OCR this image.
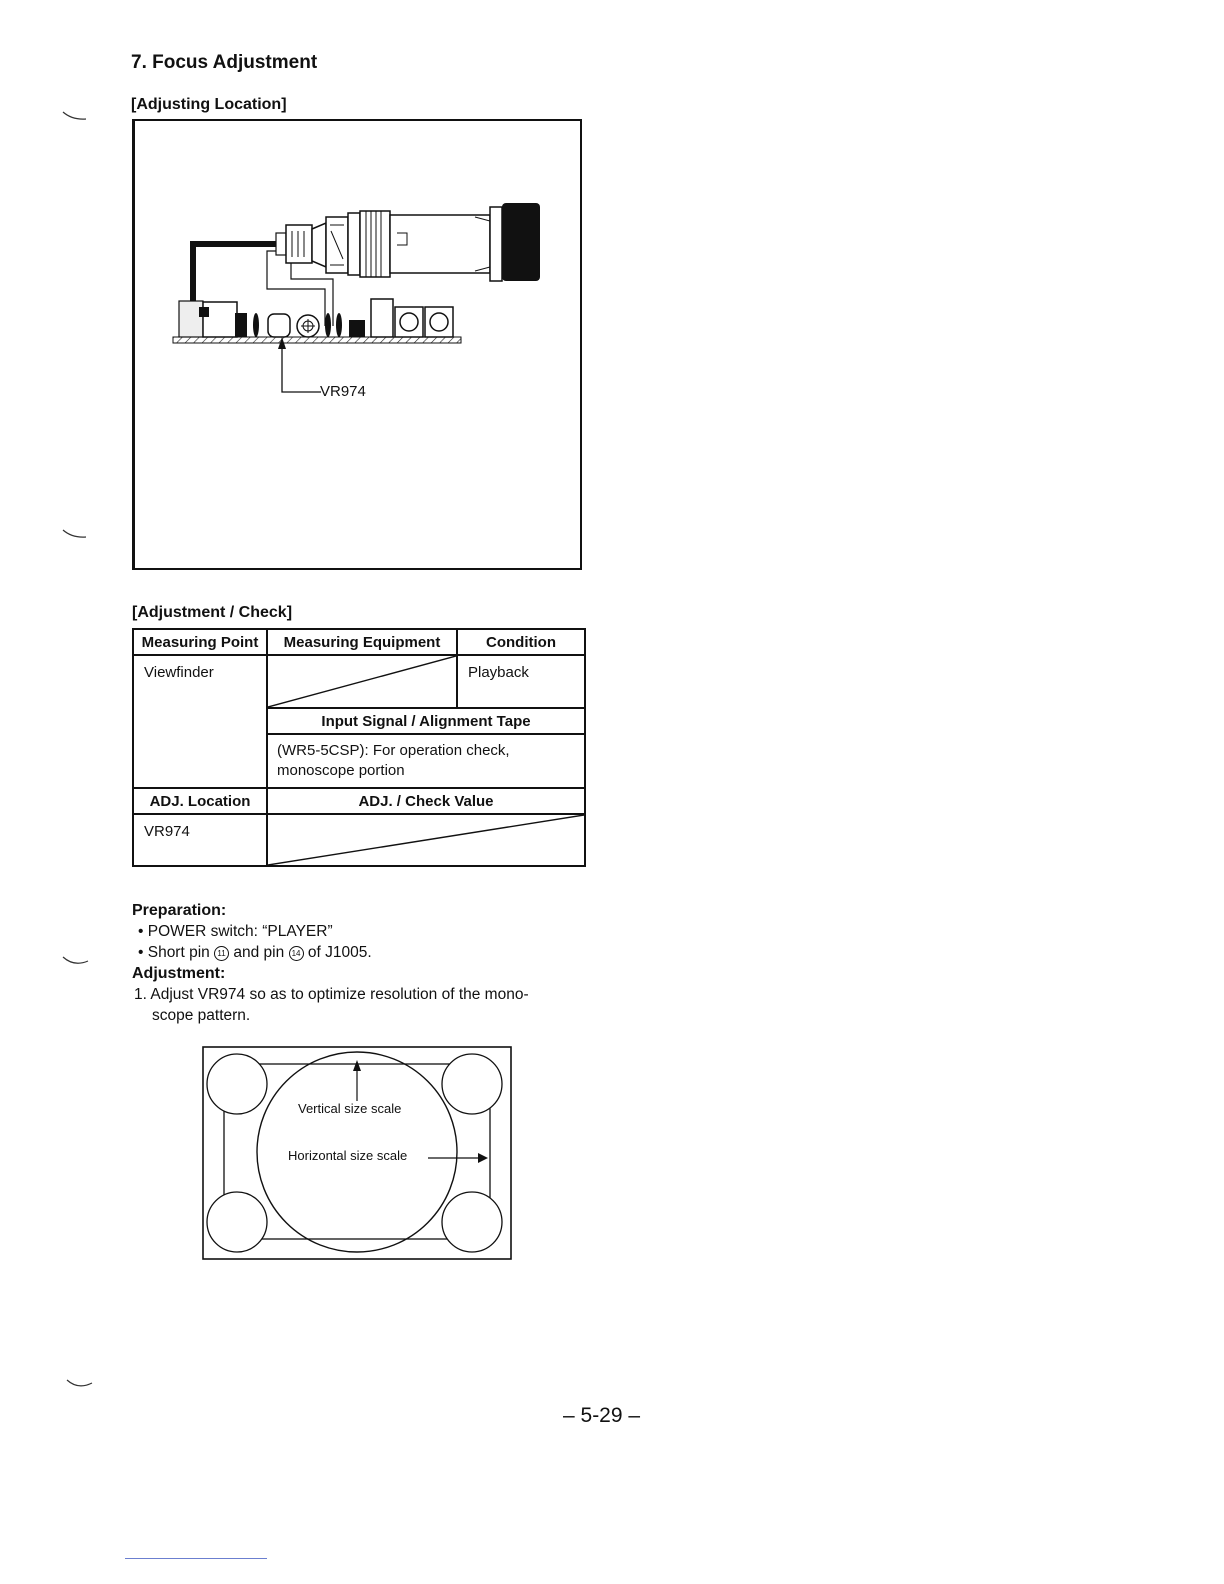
7. Focus Adjustment
[Adjusting Location]
VR974
[Adjustment / Check]
Measuring Point	Measuring Equipment	Condition

Viewfinder		Playback

	Input Signal / Alignment Tape	

	(WR5-5CSP): For operation check,
monoscope portion	

ADJ. Location	ADJ. / Check Value	

VR974

Preparation:
• POWER switch: “PLAYER”
• Short pin 11 and pin 14 of J1005.
Adjustment:
1. Adjust VR974 so as to optimize resolution of the mono-
scope pattern.
Vertical size scale
Horizontal size scale
– 5-29 –
